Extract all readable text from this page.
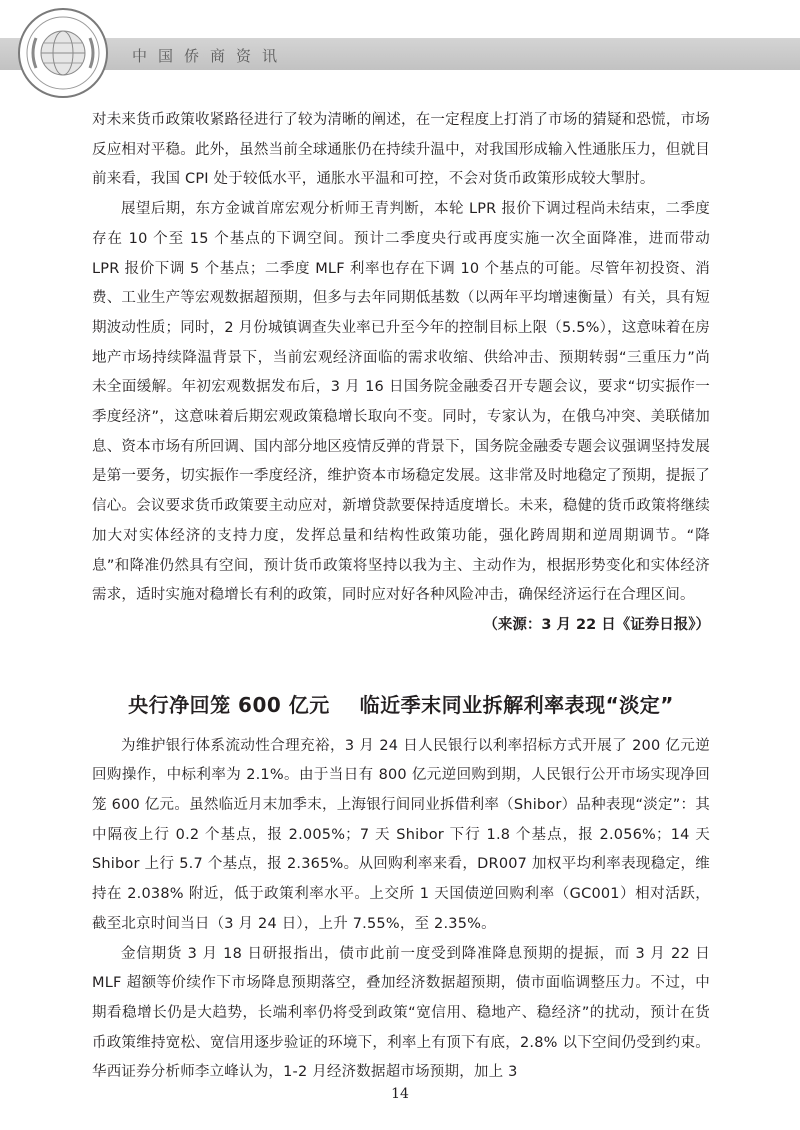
中国侨商资讯

对未来货币政策收紧路径进行了较为清晰的阐述，在一定程度上打消了市场的猜疑和恐慌，市场反应相对平稳。此外，虽然当前全球通胀仍在持续升温中，对我国形成输入性通胀压力，但就目前来看，我国 CPI 处于较低水平，通胀水平温和可控，不会对货币政策形成较大掣肘。

展望后期，东方金诚首席宏观分析师王青判断，本轮 LPR 报价下调过程尚未结束，二季度存在 10 个至 15 个基点的下调空间。预计二季度央行或再度实施一次全面降准，进而带动 LPR 报价下调 5 个基点；二季度 MLF 利率也存在下调 10 个基点的可能。尽管年初投资、消费、工业生产等宏观数据超预期，但多与去年同期低基数（以两年平均增速衡量）有关，具有短期波动性质；同时，2 月份城镇调查失业率已升至今年的控制目标上限（5.5%），这意味着在房地产市场持续降温背景下，当前宏观经济面临的需求收缩、供给冲击、预期转弱“三重压力”尚未全面缓解。年初宏观数据发布后，3 月 16 日国务院金融委召开专题会议，要求“切实振作一季度经济”，这意味着后期宏观政策稳增长取向不变。同时，专家认为，在俄乌冲突、美联储加息、资本市场有所回调、国内部分地区疫情反弹的背景下，国务院金融委专题会议强调坚持发展是第一要务，切实振作一季度经济，维护资本市场稳定发展。这非常及时地稳定了预期，提振了信心。会议要求货币政策要主动应对，新增贷款要保持适度增长。未来，稳健的货币政策将继续加大对实体经济的支持力度，发挥总量和结构性政策功能，强化跨周期和逆周期调节。“降息”和降准仍然具有空间，预计货币政策将坚持以我为主、主动作为，根据形势变化和实体经济需求，适时实施对稳增长有利的政策，同时应对好各种风险冲击，确保经济运行在合理区间。

（来源：3 月 22 日《证券日报》）

央行净回笼 600 亿元    临近季末同业拆解利率表现“淡定”

为维护银行体系流动性合理充裕，3 月 24 日人民银行以利率招标方式开展了 200 亿元逆回购操作，中标利率为 2.1%。由于当日有 800 亿元逆回购到期，人民银行公开市场实现净回笼 600 亿元。虽然临近月末加季末，上海银行间同业拆借利率（Shibor）品种表现“淡定”：其中隔夜上行 0.2 个基点，报 2.005%；7 天 Shibor 下行 1.8 个基点，报 2.056%；14 天 Shibor 上行 5.7 个基点，报 2.365%。从回购利率来看，DR007 加权平均利率表现稳定，维持在 2.038% 附近，低于政策利率水平。上交所 1 天国债逆回购利率（GC001）相对活跃，截至北京时间当日（3 月 24 日），上升 7.55%，至 2.35%。

金信期货 3 月 18 日研报指出，债市此前一度受到降准降息预期的提振，而 3 月 22 日 MLF 超额等价续作下市场降息预期落空，叠加经济数据超预期，债市面临调整压力。不过，中期看稳增长仍是大趋势，长端利率仍将受到政策“宽信用、稳地产、稳经济”的扰动，预计在货币政策维持宽松、宽信用逐步验证的环境下，利率上有顶下有底，2.8% 以下空间仍受到约束。华西证券分析师李立峰认为，1-2 月经济数据超市场预期，加上 3

14
